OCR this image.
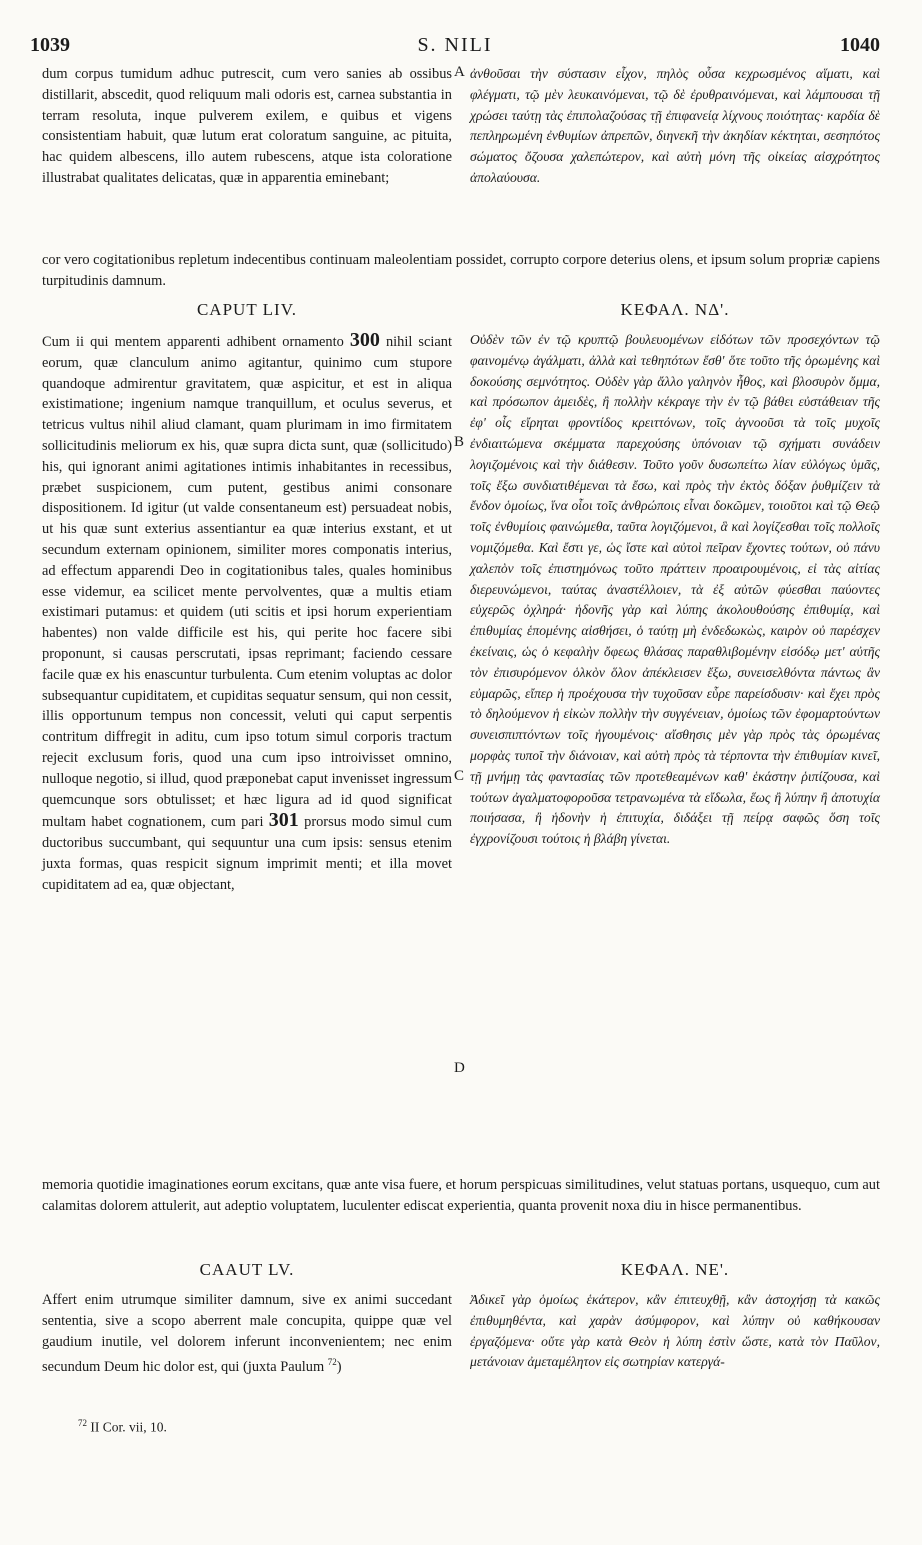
1039	S. NILI	1040

dum corpus tumidum adhuc putrescit, cum vero sanies ab ossibus distillarit, abscedit, quod reliquum mali odoris est, carnea substantia in terram resoluta, inque pulverem exilem, e quibus et vigens consistentiam habuit, quæ lutum erat coloratum sanguine, ac pituita, hac quidem albescens, illo autem rubescens, atque ista coloratione illustrabat qualitates delicatas, quæ in apparentia eminebant;

A ἀνθοῦσαι τὴν σύστασιν εἶχον, πηλὸς οὖσα κεχρωσμένος αἵματι, καὶ φλέγματι, τῷ μὲν λευκαινόμεναι, τῷ δὲ ἐρυθραινόμεναι, καὶ λάμπουσαι τῇ χρώσει ταύτῃ τὰς ἐπιπολαζούσας τῇ ἐπιφανείᾳ λίχνους ποιότητας· καρδία δὲ πεπληρωμένη ἐνθυμίων ἀπρεπῶν, διηνεκῆ τὴν ἀκηδίαν κέκτηται, σεσηπότος σώματος ὄζουσα χαλεπώτερον, καὶ αὐτὴ μόνη τῆς οἰκείας αἰσχρότητος ἀπολαύουσα.

cor vero cogitationibus repletum indecentibus continuam maleolentiam possidet, corrupto corpore deterius olens, et ipsum solum propriæ capiens turpitudinis damnum.

CAPUT LIV.	ΚΕΦΑΛ. ΝΔ'.

Cum ii qui mentem apparenti adhibent ornamento 300 nihil sciant eorum, quæ clanculum animo agitantur, quinimo cum stupore quandoque admirentur gravitatem, quæ aspicitur, et est in aliqua existimatione; ingenium namque tranquillum, et oculus severus, et tetricus vultus nihil aliud clamant, quam plurimam in imo firmitatem sollicitudinis meliorum ex his, quæ supra dicta sunt, quæ (sollicitudo) his, qui ignorant animi agitationes intimis inhabitantes in recessibus, præbet suspicionem, cum putent, gestibus animi consonare dispositionem. Id igitur (ut valde consentaneum est) persuadeat nobis, ut his quæ sunt exterius assentiantur ea quæ interius exstant, et ut secundum externam opinionem, similiter mores componatis interius, ad effectum apparendi Deo in cogitationibus tales, quales hominibus esse videmur, ea scilicet mente pervolventes, quæ a multis etiam existimari putamus: et quidem (uti scitis et ipsi horum experientiam habentes) non valde difficile est his, qui perite hoc facere sibi proponunt, si causas perscrutati, ipsas reprimant; faciendo cessare facile quæ ex his enascuntur turbulenta. Cum etenim voluptas ac dolor subsequantur cupiditatem, et cupiditas sequatur sensum, qui non cessit, illis opportunum tempus non concessit, veluti qui caput serpentis contritum diffregit in aditu, cum ipso totum simul corporis tractum rejecit exclusum foris, quod una cum ipso introivisset omnino, nulloque negotio, si illud, quod præponebat caput invenisset ingressum quemcunque sors obtulisset; et hæc ligura ad id quod significat multam habet cognationem, cum pari 301 prorsus modo simul cum ductoribus succumbant, qui sequuntur una cum ipsis: sensus etenim juxta formas, quas respicit signum imprimit menti; et illa movet cupiditatem ad ea, quæ objectant,

B
C
D

Οὐδὲν τῶν ἐν τῷ κρυπτῷ βουλευομένων εἰδότων τῶν προσεχόντων τῷ φαινομένῳ ἀγάλματι, ἀλλὰ καὶ τεθηπότων ἔσθ' ὅτε τοῦτο τῆς ὁρωμένης καὶ δοκούσης σεμνότητος. Οὐδὲν γὰρ ἄλλο γαληνὸν ἦθος, καὶ βλοσυρὸν ὄμμα, καὶ πρόσωπον ἀμειδὲς, ἢ πολλὴν κέκραγε τὴν ἐν τῷ βάθει εὐστάθειαν τῆς ἐφ' οἷς εἴρηται φροντίδος κρειττόνων, τοῖς ἀγνοοῦσι τὰ τοῖς μυχοῖς ἐνδιαιτώμενα σκέμματα παρεχούσης ὑπόνοιαν τῷ σχήματι συνάδειν λογιζομένοις καὶ τὴν διάθεσιν. Τοῦτο γοῦν δυσωπείτω λίαν εὐλόγως ὑμᾶς, τοῖς ἔξω συνδιατιθέμεναι τὰ ἔσω, καὶ πρὸς τὴν ἐκτὸς δόξαν ῥυθμίζειν τὰ ἔνδον ὁμοίως, ἵνα οἷοι τοῖς ἀνθρώποις εἶναι δοκῶμεν, τοιοῦτοι καὶ τῷ Θεῷ τοῖς ἐνθυμίοις φαινώμεθα, ταῦτα λογιζόμενοι, ἃ καὶ λογίζεσθαι τοῖς πολλοῖς νομιζόμεθα. Καὶ ἔστι γε, ὡς ἴστε καὶ αὐτοὶ πεῖραν ἔχοντες τούτων, οὐ πάνυ χαλεπὸν τοῖς ἐπιστημόνως τοῦτο πράττειν προαιρουμένοις, εἰ τὰς αἰτίας διερευνώμενοι, ταύτας ἀναστέλλοιεν, τὰ ἐξ αὐτῶν φύεσθαι παύοντες εὐχερῶς ὀχληρά· ἡδονῆς γὰρ καὶ λύπης ἀκολουθούσης ἐπιθυμίᾳ, καὶ ἐπιθυμίας ἑπομένης αἰσθήσει, ὁ ταύτῃ μὴ ἐνδεδωκὼς, καιρὸν οὐ παρέσχεν ἐκείναις, ὡς ὁ κεφαλὴν ὄφεως θλάσας παραθλιβομένην εἰσόδῳ μετ' αὐτῆς τὸν ἐπισυρόμενον ὁλκὸν ὅλον ἀπέκλεισεν ἔξω, συνεισελθόντα πάντως ἂν εὐμαρῶς, εἴπερ ἡ προέχουσα τὴν τυχοῦσαν εὗρε παρείσδυσιν· καὶ ἔχει πρὸς τὸ δηλούμενον ἡ εἰκὼν πολλὴν τὴν συγγένειαν, ὁμοίως τῶν ἐφομαρτούντων συνεισπιπτόντων τοῖς ἡγουμένοις· αἴσθησις μὲν γὰρ πρὸς τὰς ὁρωμένας μορφὰς τυποῖ τὴν διάνοιαν, καὶ αὐτὴ πρὸς τὰ τέρποντα τὴν ἐπιθυμίαν κινεῖ, τῇ μνήμῃ τὰς φαντασίας τῶν προτεθεαμένων καθ' ἑκάστην ῥιπίζουσα, καὶ τούτων ἀγαλματοφοροῦσα τετρανωμένα τὰ εἴδωλα, ἕως ἢ λύπην ἢ ἀποτυχία ποιήσασα, ἢ ἡδονὴν ἡ ἐπιτυχία, διδάξει τῇ πείρᾳ σαφῶς ὅση τοῖς ἐγχρονίζουσι τούτοις ἡ βλάβη γίνεται.

memoria quotidie imaginationes eorum excitans, quæ ante visa fuere, et horum perspicuas similitudines, velut statuas portans, usquequo, cum aut calamitas dolorem attulerit, aut adeptio voluptatem, luculenter ediscat experientia, quanta provenit noxa diu in hisce permanentibus.

CAAUT LV.	ΚΕΦΑΛ. ΝΕ'.

Affert enim utrumque similiter damnum, sive ex animi succedant sententia, sive a scopo aberrent male concupita, quippe quæ vel gaudium inutile, vel dolorem inferunt inconvenientem; nec enim secundum Deum hic dolor est, qui (juxta Paulum $^{72}$)

Ἀδικεῖ γὰρ ὁμοίως ἑκάτερον, κἂν ἐπιτευχθῇ, κἂν ἀστοχήσῃ τὰ κακῶς ἐπιθυμηθέντα, καὶ χαρὰν ἀσύμφορον, καὶ λύπην οὐ καθήκουσαν ἐργαζόμενα· οὔτε γὰρ κατὰ Θεὸν ἡ λύπη ἐστὶν ὥστε, κατὰ τὸν Παῦλον, μετάνοιαν ἀμεταμέλητον εἰς σωτηρίαν κατεργά-

$^{72}$ II Cor. vii, 10.
